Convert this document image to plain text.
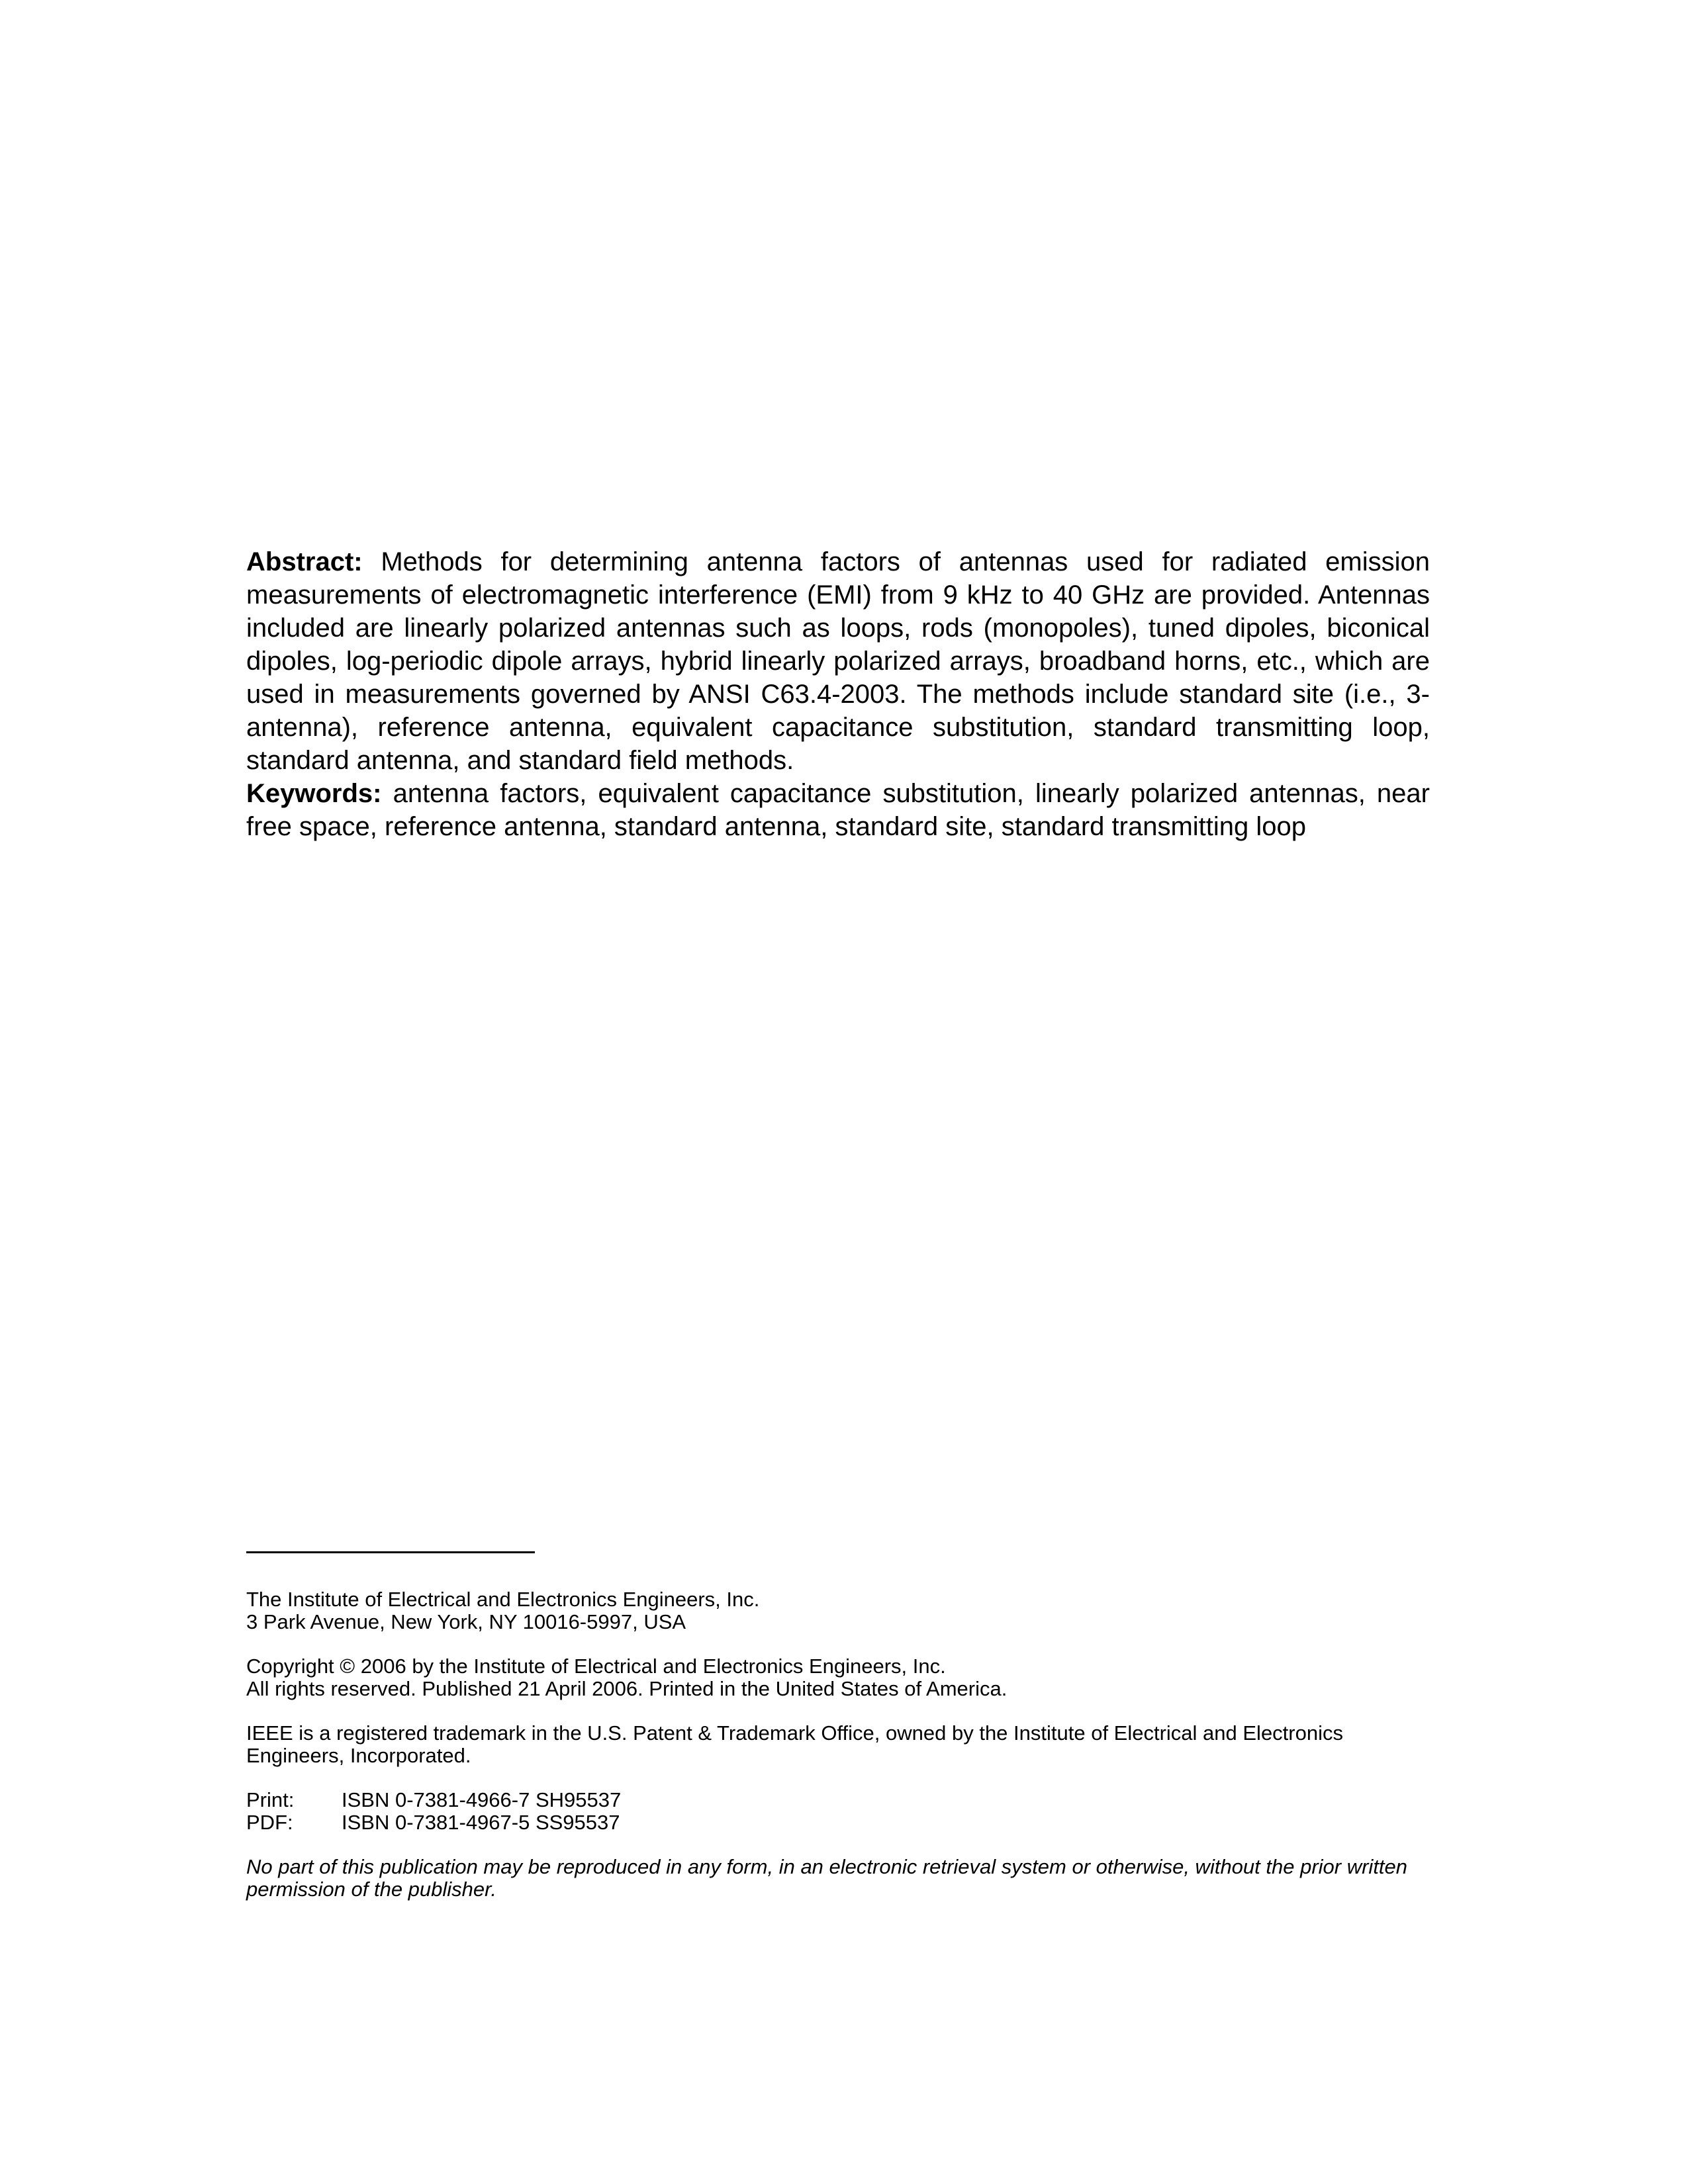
Abstract: Methods for determining antenna factors of antennas used for radiated emission measurements of electromagnetic interference (EMI) from 9 kHz to 40 GHz are provided. Antennas included are linearly polarized antennas such as loops, rods (monopoles), tuned dipoles, biconical dipoles, log-periodic dipole arrays, hybrid linearly polarized arrays, broadband horns, etc., which are used in measurements governed by ANSI C63.4-2003. The methods include standard site (i.e., 3-antenna), reference antenna, equivalent capacitance substitution, standard transmitting loop, standard antenna, and standard field methods.

Keywords: antenna factors, equivalent capacitance substitution, linearly polarized antennas, near free space, reference antenna, standard antenna, standard site, standard transmitting loop

The Institute of Electrical and Electronics Engineers, Inc.
3 Park Avenue, New York, NY 10016-5997, USA

Copyright © 2006 by the Institute of Electrical and Electronics Engineers, Inc.
All rights reserved. Published 21 April 2006. Printed in the United States of America.

IEEE is a registered trademark in the U.S. Patent & Trademark Office, owned by the Institute of Electrical and Electronics Engineers, Incorporated.

Print: ISBN 0-7381-4966-7 SH95537
PDF: ISBN 0-7381-4967-5 SS95537

No part of this publication may be reproduced in any form, in an electronic retrieval system or otherwise, without the prior written permission of the publisher.
